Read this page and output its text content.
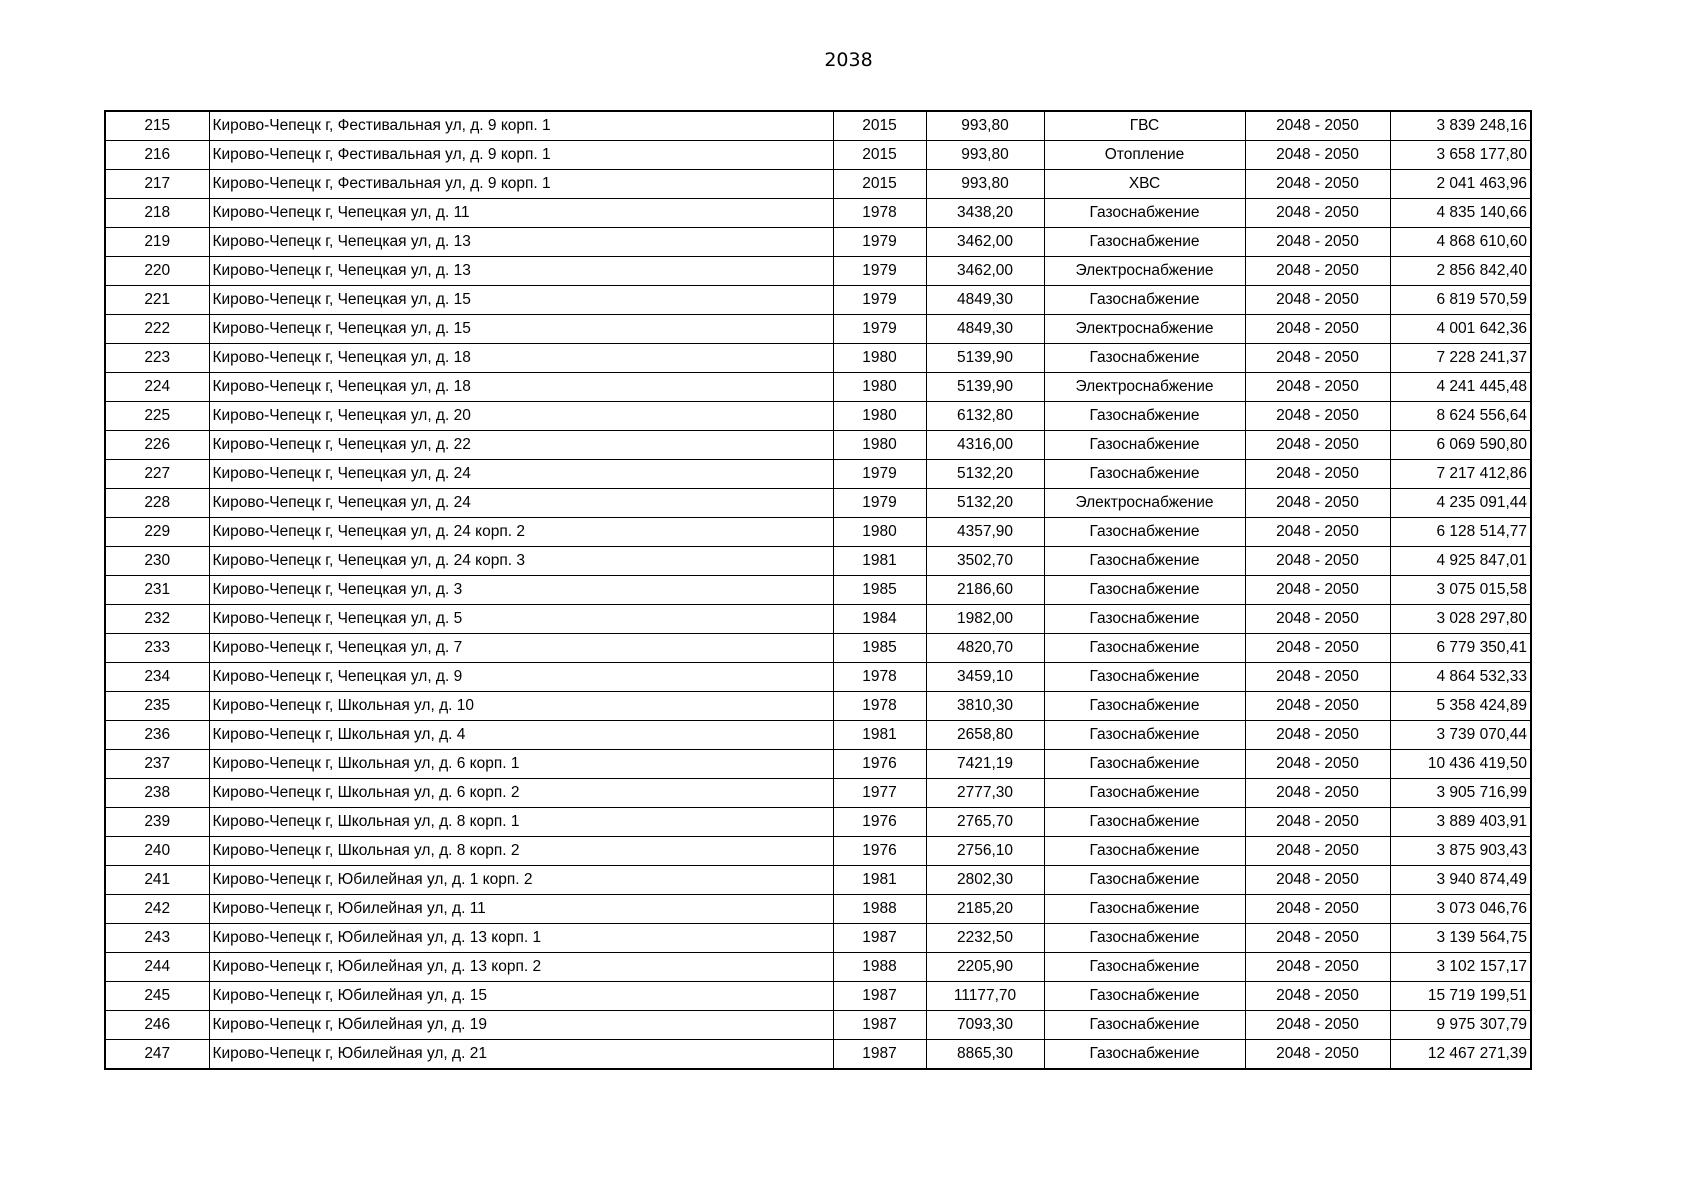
2038
215	Кирово-Чепецк г, Фестивальная ул, д. 9 корп. 1	2015	993,80	ГВС	2048 - 2050	3 839 248,16
216	Кирово-Чепецк г, Фестивальная ул, д. 9 корп. 1	2015	993,80	Отопление	2048 - 2050	3 658 177,80
217	Кирово-Чепецк г, Фестивальная ул, д. 9 корп. 1	2015	993,80	ХВС	2048 - 2050	2 041 463,96
218	Кирово-Чепецк г, Чепецкая ул, д. 11	1978	3438,20	Газоснабжение	2048 - 2050	4 835 140,66
219	Кирово-Чепецк г, Чепецкая ул, д. 13	1979	3462,00	Газоснабжение	2048 - 2050	4 868 610,60
220	Кирово-Чепецк г, Чепецкая ул, д. 13	1979	3462,00	Электроснабжение	2048 - 2050	2 856 842,40
221	Кирово-Чепецк г, Чепецкая ул, д. 15	1979	4849,30	Газоснабжение	2048 - 2050	6 819 570,59
222	Кирово-Чепецк г, Чепецкая ул, д. 15	1979	4849,30	Электроснабжение	2048 - 2050	4 001 642,36
223	Кирово-Чепецк г, Чепецкая ул, д. 18	1980	5139,90	Газоснабжение	2048 - 2050	7 228 241,37
224	Кирово-Чепецк г, Чепецкая ул, д. 18	1980	5139,90	Электроснабжение	2048 - 2050	4 241 445,48
225	Кирово-Чепецк г, Чепецкая ул, д. 20	1980	6132,80	Газоснабжение	2048 - 2050	8 624 556,64
226	Кирово-Чепецк г, Чепецкая ул, д. 22	1980	4316,00	Газоснабжение	2048 - 2050	6 069 590,80
227	Кирово-Чепецк г, Чепецкая ул, д. 24	1979	5132,20	Газоснабжение	2048 - 2050	7 217 412,86
228	Кирово-Чепецк г, Чепецкая ул, д. 24	1979	5132,20	Электроснабжение	2048 - 2050	4 235 091,44
229	Кирово-Чепецк г, Чепецкая ул, д. 24 корп. 2	1980	4357,90	Газоснабжение	2048 - 2050	6 128 514,77
230	Кирово-Чепецк г, Чепецкая ул, д. 24 корп. 3	1981	3502,70	Газоснабжение	2048 - 2050	4 925 847,01
231	Кирово-Чепецк г, Чепецкая ул, д. 3	1985	2186,60	Газоснабжение	2048 - 2050	3 075 015,58
232	Кирово-Чепецк г, Чепецкая ул, д. 5	1984	1982,00	Газоснабжение	2048 - 2050	3 028 297,80
233	Кирово-Чепецк г, Чепецкая ул, д. 7	1985	4820,70	Газоснабжение	2048 - 2050	6 779 350,41
234	Кирово-Чепецк г, Чепецкая ул, д. 9	1978	3459,10	Газоснабжение	2048 - 2050	4 864 532,33
235	Кирово-Чепецк г, Школьная ул, д. 10	1978	3810,30	Газоснабжение	2048 - 2050	5 358 424,89
236	Кирово-Чепецк г, Школьная ул, д. 4	1981	2658,80	Газоснабжение	2048 - 2050	3 739 070,44
237	Кирово-Чепецк г, Школьная ул, д. 6 корп. 1	1976	7421,19	Газоснабжение	2048 - 2050	10 436 419,50
238	Кирово-Чепецк г, Школьная ул, д. 6 корп. 2	1977	2777,30	Газоснабжение	2048 - 2050	3 905 716,99
239	Кирово-Чепецк г, Школьная ул, д. 8 корп. 1	1976	2765,70	Газоснабжение	2048 - 2050	3 889 403,91
240	Кирово-Чепецк г, Школьная ул, д. 8 корп. 2	1976	2756,10	Газоснабжение	2048 - 2050	3 875 903,43
241	Кирово-Чепецк г, Юбилейная ул, д. 1 корп. 2	1981	2802,30	Газоснабжение	2048 - 2050	3 940 874,49
242	Кирово-Чепецк г, Юбилейная ул, д. 11	1988	2185,20	Газоснабжение	2048 - 2050	3 073 046,76
243	Кирово-Чепецк г, Юбилейная ул, д. 13 корп. 1	1987	2232,50	Газоснабжение	2048 - 2050	3 139 564,75
244	Кирово-Чепецк г, Юбилейная ул, д. 13 корп. 2	1988	2205,90	Газоснабжение	2048 - 2050	3 102 157,17
245	Кирово-Чепецк г, Юбилейная ул, д. 15	1987	11177,70	Газоснабжение	2048 - 2050	15 719 199,51
246	Кирово-Чепецк г, Юбилейная ул, д. 19	1987	7093,30	Газоснабжение	2048 - 2050	9 975 307,79
247	Кирово-Чепецк г, Юбилейная ул, д. 21	1987	8865,30	Газоснабжение	2048 - 2050	12 467 271,39
